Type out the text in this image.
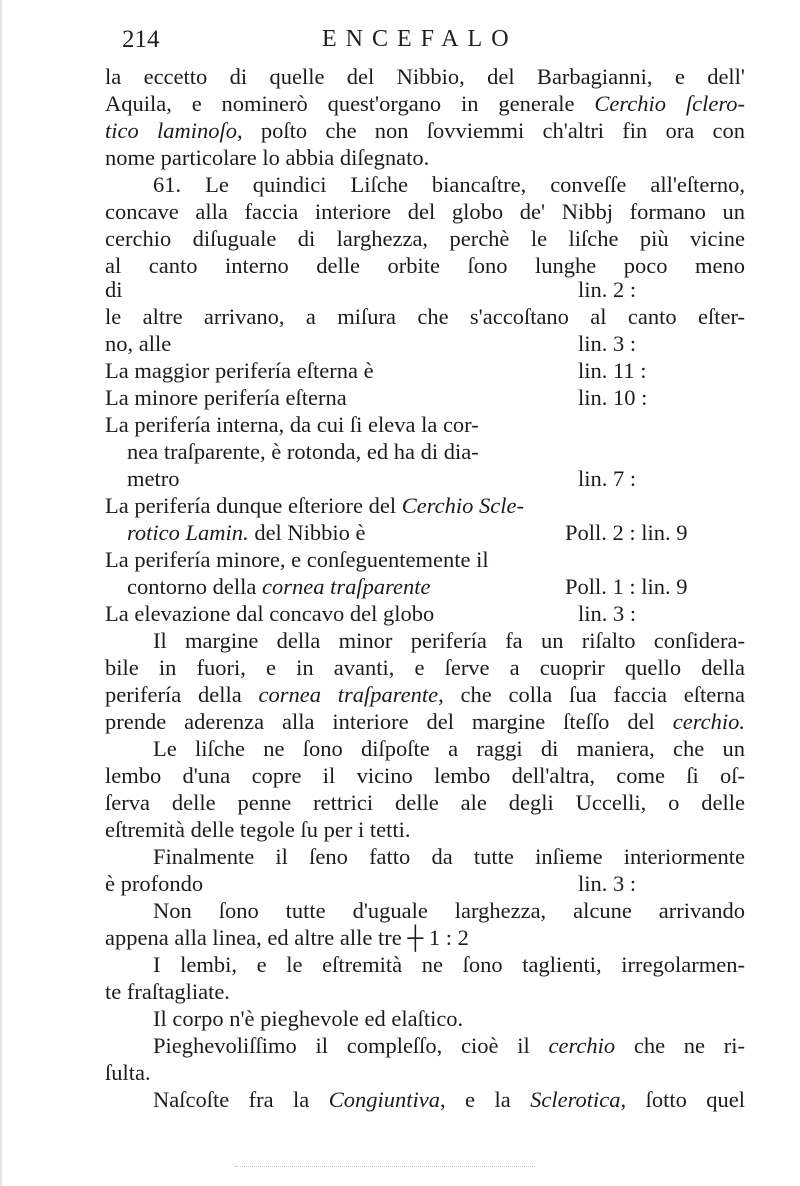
214	ENCEFALO
la eccetto di quelle del Nibbio, del Barbagianni, e dell'
Aquila, e nominerò quest'organo in generale Cerchio ſclero-
tico laminoſo, poſto che non ſovviemmi ch'altri fin ora con
nome particolare lo abbia diſegnato.
61. Le quindici Liſche biancaſtre, conveſſe all'eſterno,
concave alla faccia interiore del globo de' Nibbj formano un
cerchio diſuguale di larghezza, perchè le liſche più vicine
al canto interno delle orbite ſono lunghe poco meno
di	lin. 2 :
le altre arrivano, a miſura che s'accoſtano al canto eſter-
no, alle	lin. 3 :
La maggior perifería eſterna è	lin. 11 :
La minore perifería eſterna	lin. 10 :
La perifería interna, da cui ſi eleva la cor-
nea traſparente, è rotonda, ed ha di dia-
metro	lin. 7 :
La perifería dunque eſteriore del Cerchio Scle-
rotico Lamin. del Nibbio è	Poll. 2 : lin. 9
La perifería minore, e conſeguentemente il
contorno della cornea traſparente	Poll. 1 : lin. 9
La elevazione dal concavo del globo	lin. 3 :
Il margine della minor perifería fa un riſalto conſidera-
bile in fuori, e in avanti, e ſerve a cuoprir quello della
perifería della cornea traſparente, che colla ſua faccia eſterna
prende aderenza alla interiore del margine ſteſſo del cerchio.
Le liſche ne ſono diſpoſte a raggi di maniera, che un
lembo d'una copre il vicino lembo dell'altra, come ſi oſ-
ſerva delle penne rettrici delle ale degli Uccelli, o delle
eſtremità delle tegole ſu per i tetti.
Finalmente il ſeno fatto da tutte inſieme interiormente
è profondo	lin. 3 :
Non ſono tutte d'uguale larghezza, alcune arrivando
appena alla linea, ed altre alle tre ┼ 1 : 2
I lembi, e le eſtremità ne ſono taglienti, irregolarmen-
te fraſtagliate.
Il corpo n'è pieghevole ed elaſtico.
Pieghevoliſſimo il compleſſo, cioè il cerchio che ne ri-
ſulta.
Naſcoſte fra la Congiuntiva, e la Sclerotica, ſotto quel
